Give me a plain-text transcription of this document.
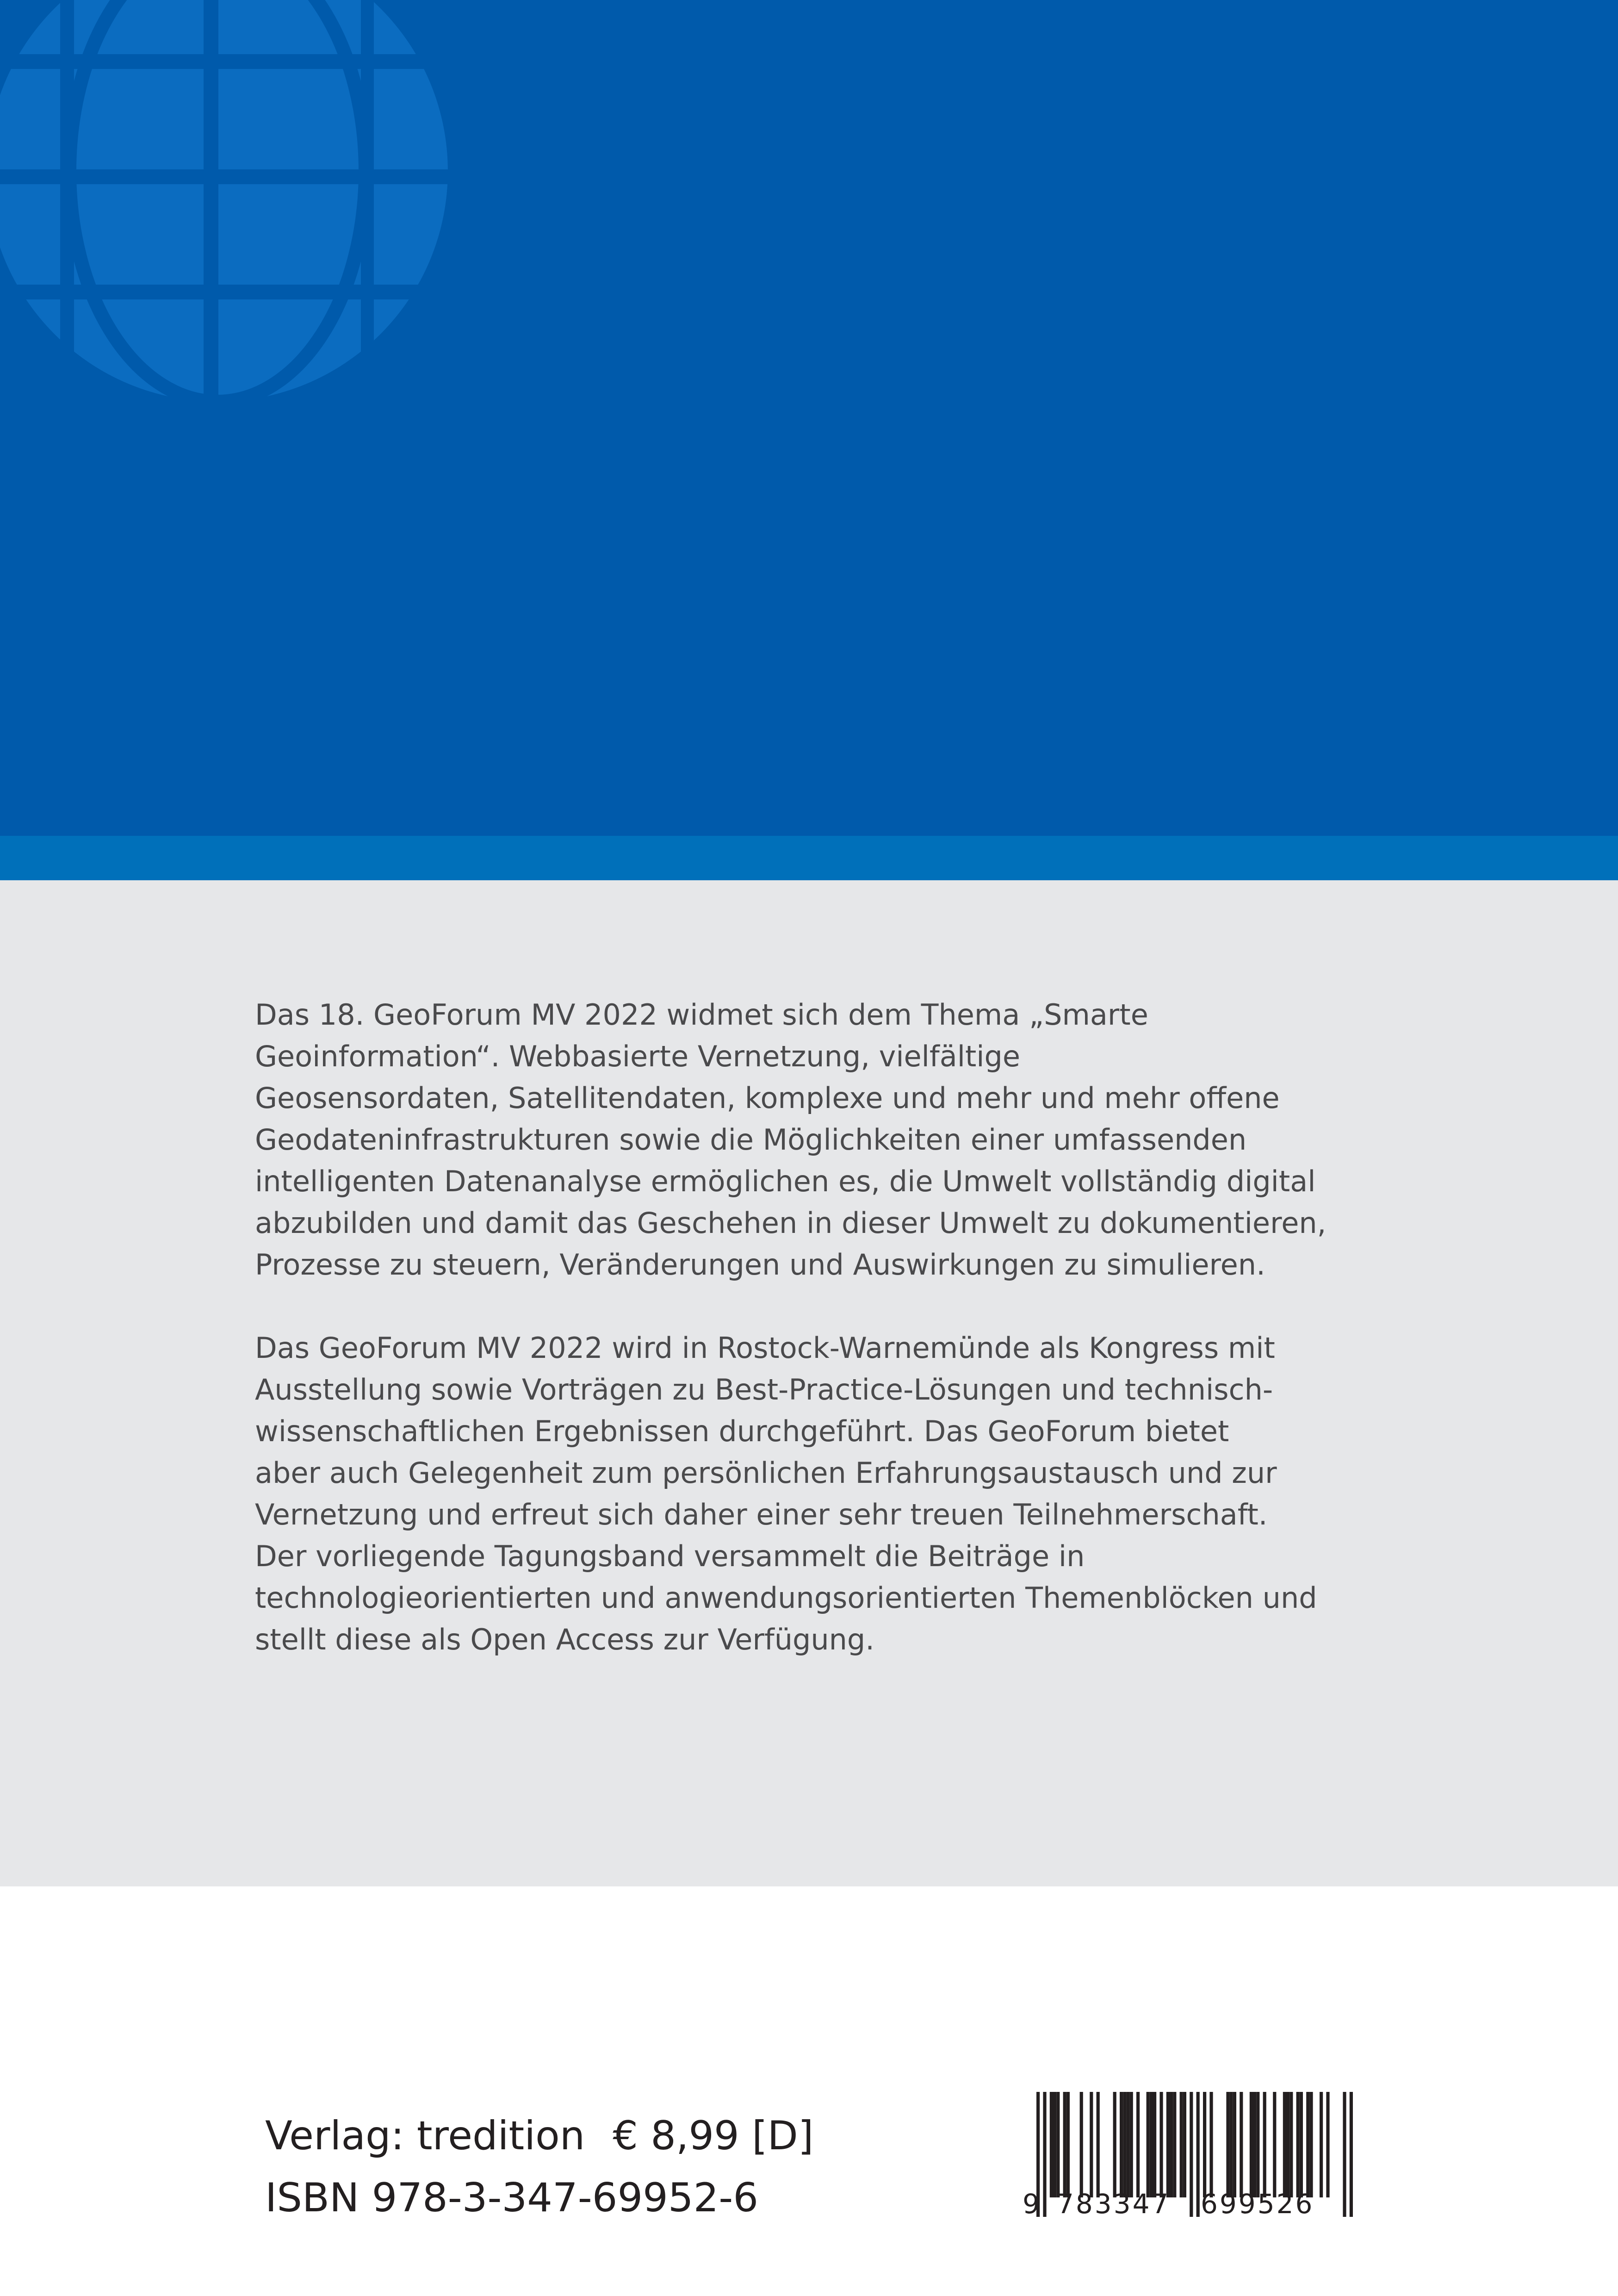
Das 18. GeoForum MV 2022 widmet sich dem Thema „Smarte
Geoinformation“. Webbasierte Vernetzung, vielfältige
Geosensordaten, Satellitendaten, komplexe und mehr und mehr offene
Geodateninfrastrukturen sowie die Möglichkeiten einer umfassenden
intelligenten Datenanalyse ermöglichen es, die Umwelt vollständig digital
abzubilden und damit das Geschehen in dieser Umwelt zu dokumentieren,
Prozesse zu steuern, Veränderungen und Auswirkungen zu simulieren.

Das GeoForum MV 2022 wird in Rostock-Warnemünde als Kongress mit
Ausstellung sowie Vorträgen zu Best-Practice-Lösungen und technisch-
wissenschaftlichen Ergebnissen durchgeführt. Das GeoForum bietet
aber auch Gelegenheit zum persönlichen Erfahrungsaustausch und zur
Vernetzung und erfreut sich daher einer sehr treuen Teilnehmerschaft.
Der vorliegende Tagungsband versammelt die Beiträge in
technologieorientierten und anwendungsorientierten Themenblöcken und
stellt diese als Open Access zur Verfügung.

Verlag: tredition € 8,99 [D]
ISBN 978-3-347-69952-6	9 783347 699526
